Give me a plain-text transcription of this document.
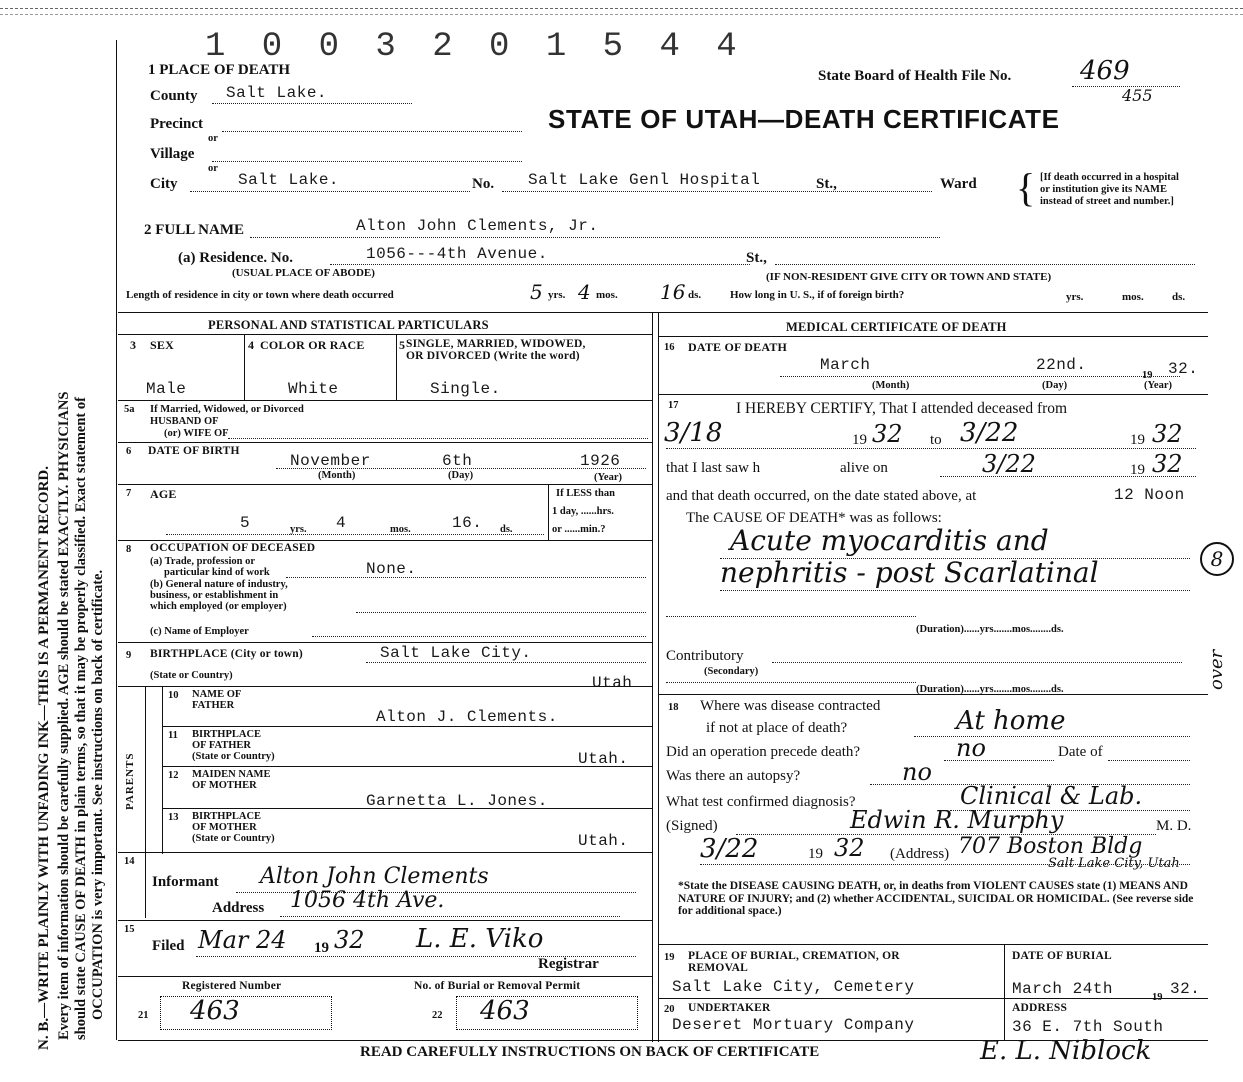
1 0 0 3 2 0 1 5 4 4
N. B.—WRITE PLAINLY WITH UNFADING INK—THIS IS A PERMANENT RECORD. Every item of information should be carefully supplied. AGE should be stated EXACTLY. PHYSICIANS should state CAUSE OF DEATH in plain terms, so that it may be properly classified. Exact statement of OCCUPATION is very important. See instructions on back of certificate.
1 PLACE OF DEATH	State Board of Health File No.	469
455
STATE OF UTAH—DEATH CERTIFICATE
County Salt Lake.
Precinct
or
Village
or
City	Salt Lake.	No. Salt Lake Genl Hospital	St.,	Ward { [If death occurred in a hospital or institution give its NAME instead of street and number.]
2 FULL NAME	Alton John Clements, Jr.
(a) Residence. No.	1056---4th Avenue.	St.,
(USUAL PLACE OF ABODE)	(IF NON-RESIDENT GIVE CITY OR TOWN AND STATE)
Length of residence in city or town where death occurred	5 yrs. 4 mos. 16 ds.	How long in U. S., if of foreign birth?	yrs.	mos.	ds.
PERSONAL AND STATISTICAL PARTICULARS
3 SEX
Male
4 COLOR OR RACE
White
5 SINGLE, MARRIED, WIDOWED,
OR DIVORCED (Write the word)
Single.
5a If Married, Widowed, or Divorced
HUSBAND OF
(or) WIFE OF
6 DATE OF BIRTH
November	6th	1926
(Month)	(Day)	(Year)
7 AGE
5	yrs. 4	mos.	16. ds.
If LESS than
1 day, ......hrs.
or ......min.?
8 OCCUPATION OF DECEASED
(a) Trade, profession or
particular kind of work	None.
(b) General nature of industry,
business, or establishment in
which employed (or employer)
(c) Name of Employer
9 BIRTHPLACE (City or town)	Salt Lake City.
(State or Country)	Utah
PARENTS
10 NAME OF
FATHER
Alton J. Clements.
11 BIRTHPLACE
OF FATHER
(State or Country)	Utah.
12 MAIDEN NAME
OF MOTHER
Garnetta L. Jones.
13 BIRTHPLACE
OF MOTHER
(State or Country)	Utah.
14
Informant Alton John Clements
Address 1056 4th Ave.
15
Filed Mar 24 19 32 L. E. Viko
Registrar
Registered Number	No. of Burial or Removal Permit
21 463	22 463
MEDICAL CERTIFICATE OF DEATH
16 DATE OF DEATH
March	22nd.
19 32.
(Month)	(Day)	(Year)
17	I HEREBY CERTIFY, That I attended deceased from
3/18	19 32 to 3/22	19 32
that I last saw h	alive on	3/22	19 32
and that death occurred, on the date stated above, at	12 Noon
The CAUSE OF DEATH* was as follows:
Acute myocarditis and
nephritis - post Scarlatinal	8
(Duration)......yrs.......mos........ds.
Contributory
(Secondary)
(Duration)......yrs.......mos........ds.	over
18 Where was disease contracted
if not at place of death?	At home
Did an operation precede death?	no	Date of
Was there an autopsy?	no
What test confirmed diagnosis?	Clinical & Lab.
(Signed)	Edwin R. Murphy	M. D.
3/22	19 32 (Address) 707 Boston Bldg
Salt Lake City, Utah
*State the DISEASE CAUSING DEATH, or, in deaths from VIOLENT CAUSES state (1) MEANS AND NATURE OF INJURY; and (2) whether ACCIDENTAL, SUICIDAL OR HOMICIDAL. (See reverse side for additional space.)
19 PLACE OF BURIAL, CREMATION, OR
REMOVAL
Salt Lake City, Cemetery
DATE OF BURIAL
March 24th	19 32.
20 UNDERTAKER
Deseret Mortuary Company
ADDRESS
36 E. 7th South
READ CAREFULLY INSTRUCTIONS ON BACK OF CERTIFICATE	E. L. Niblock
